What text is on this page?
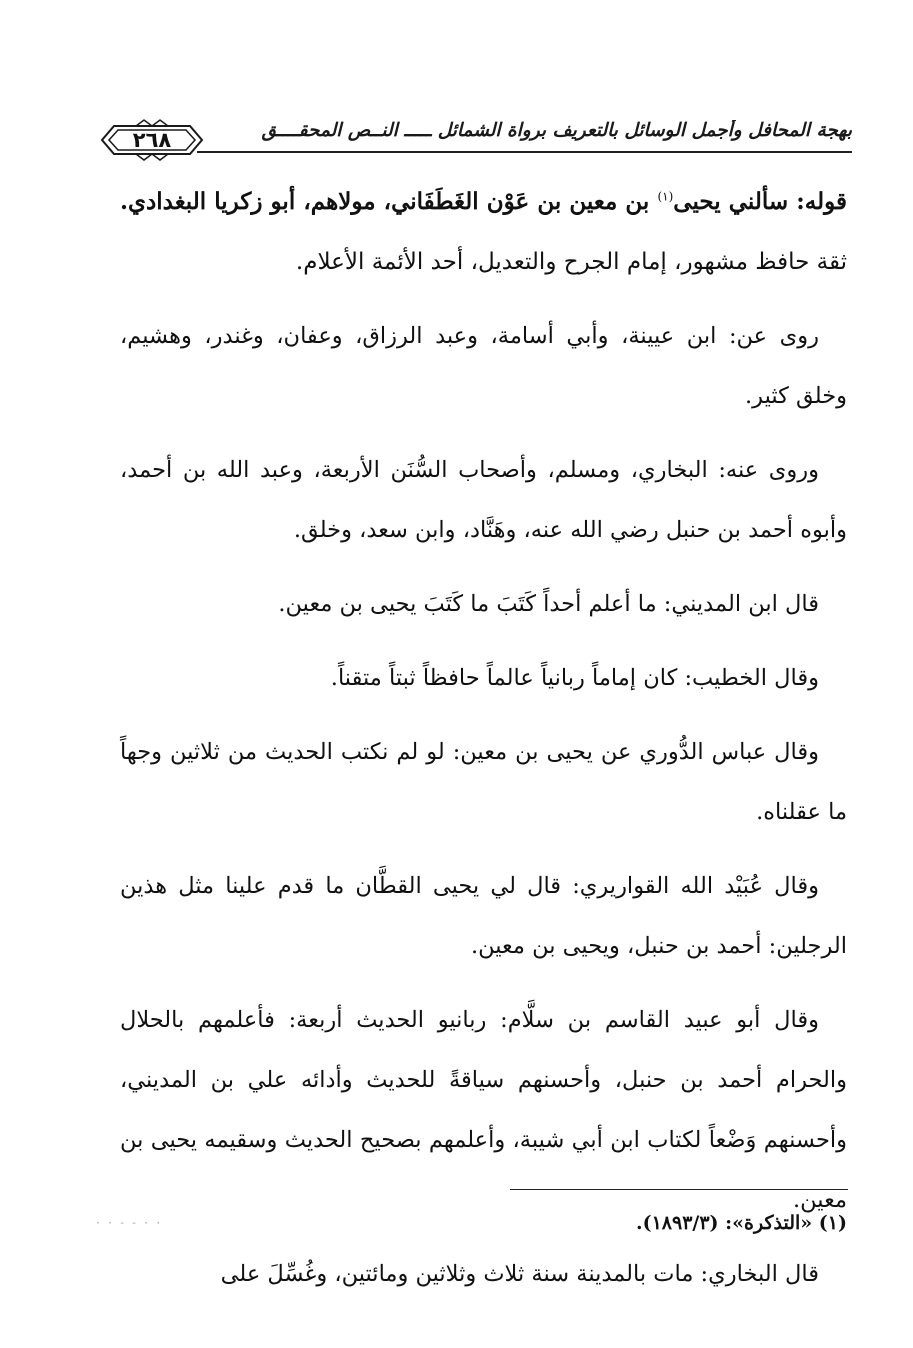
بهجة المحافل وأجمل الوسائل بالتعريف برواة الشمائل ـــــ النــص المحقــــق
٢٦٨

قوله: سألني يحيى$^{(١)}$ بن معين بن عَوْن الغَطَفَاني، مولاهم، أبو زكريا البغدادي. ثقة حافظ مشهور، إمام الجرح والتعديل، أحد الأئمة الأعلام.

روى عن: ابن عيينة، وأبي أسامة، وعبد الرزاق، وعفان، وغندر، وهشيم، وخلق كثير.

وروى عنه: البخاري، ومسلم، وأصحاب السُّنَن الأربعة، وعبد الله بن أحمد، وأبوه أحمد بن حنبل رضي الله عنه، وهَنَّاد، وابن سعد، وخلق.

قال ابن المديني: ما أعلم أحداً كَتَبَ ما كَتَبَ يحيى بن معين.

وقال الخطيب: كان إماماً ربانياً عالماً حافظاً ثبتاً متقناً.

وقال عباس الدُّوري عن يحيى بن معين: لو لم نكتب الحديث من ثلاثين وجهاً ما عقلناه.

وقال عُبَيْد الله القواريري: قال لي يحيى القطَّان ما قدم علينا مثل هذين الرجلين: أحمد بن حنبل، ويحيى بن معين.

وقال أبو عبيد القاسم بن سلَّام: ربانيو الحديث أربعة: فأعلمهم بالحلال والحرام أحمد بن حنبل، وأحسنهم سياقةً للحديث وأدائه علي بن المديني، وأحسنهم وَضْعاً لكتاب ابن أبي شيبة، وأعلمهم بصحيح الحديث وسقيمه يحيى بن معين.

قال البخاري: مات بالمدينة سنة ثلاث وثلاثين ومائتين، وغُسِّلَ على

(١) «التذكرة»: (١٨٩٣/٣).
· · - - · ·
